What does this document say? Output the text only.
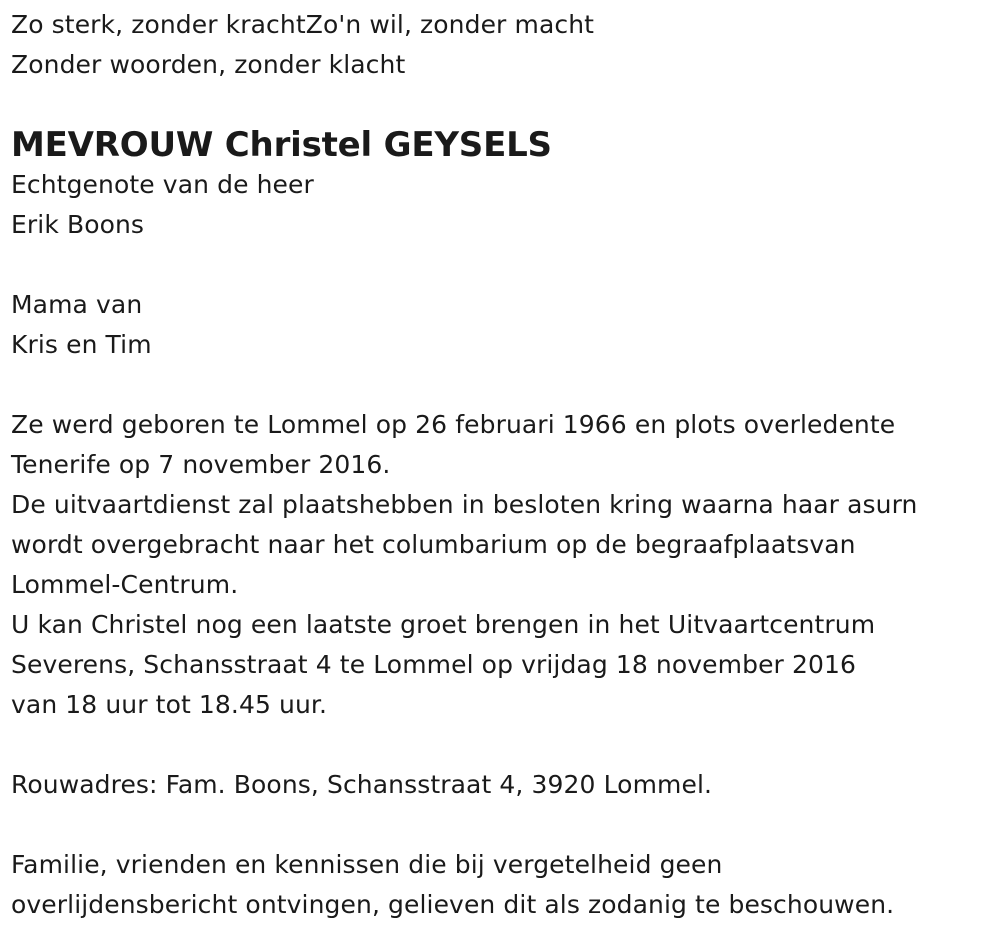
Zo sterk, zonder krachtZo'n wil, zonder macht
Zonder woorden, zonder klacht
MEVROUW Christel GEYSELS
Echtgenote van de heer
Erik Boons
Mama van
Kris en Tim
Ze werd geboren te Lommel op 26 februari 1966 en plots overledente
Tenerife op 7 november 2016.
De uitvaartdienst zal plaatshebben in besloten kring waarna haar asurn
wordt overgebracht naar het columbarium op de begraafplaatsvan
Lommel-Centrum.
U kan Christel nog een laatste groet brengen in het Uitvaartcentrum
Severens, Schansstraat 4 te Lommel op vrijdag 18 november 2016
van 18 uur tot 18.45 uur.
Rouwadres: Fam. Boons, Schansstraat 4, 3920 Lommel.
Familie, vrienden en kennissen die bij vergetelheid geen
overlijdensbericht ontvingen, gelieven dit als zodanig te beschouwen.
